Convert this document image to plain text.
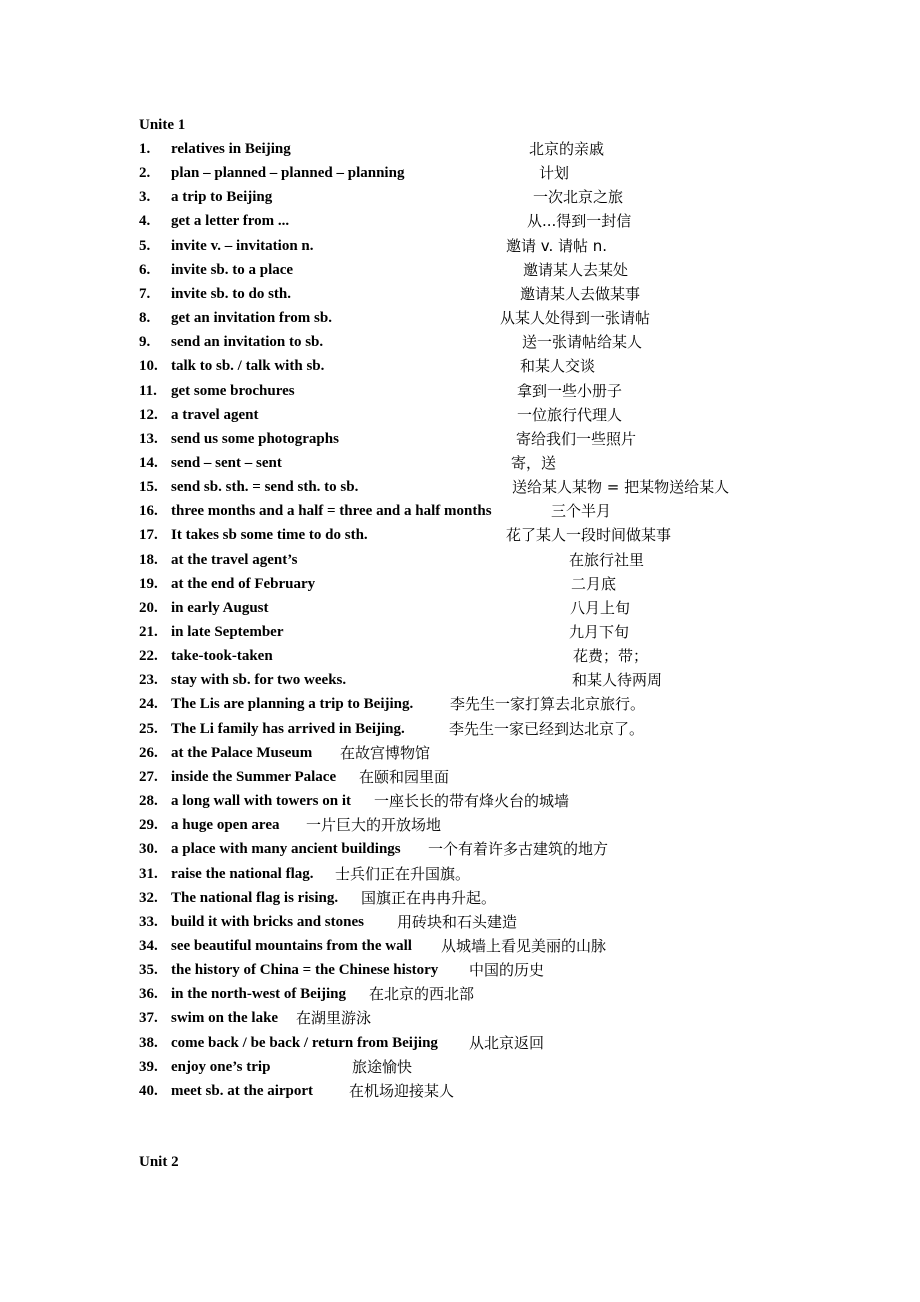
Unite 1
1. relatives in Beijing	北京的亲戚
2. plan – planned – planned – planning	计划
3. a trip to Beijing	一次北京之旅
4. get a letter from ...	从...得到一封信
5. invite v. – invitation n.	邀请 v. 请帖 n.
6. invite sb. to a place	邀请某人去某处
7. invite sb. to do sth.	邀请某人去做某事
8. get an invitation from sb.	从某人处得到一张请帖
9. send an invitation to sb.	送一张请帖给某人
10. talk to sb. / talk with sb.	和某人交谈
11. get some brochures	拿到一些小册子
12. a travel agent	一位旅行代理人
13. send us some photographs	寄给我们一些照片
14. send – sent – sent	寄，送
15. send sb. sth. = send sth. to sb.	送给某人某物 = 把某物送给某人
16. three months and a half = three and a half months	三个半月
17. It takes sb some time to do sth.	花了某人一段时间做某事
18. at the travel agent’s	在旅行社里
19. at the end of February	二月底
20. in early August	八月上旬
21. in late September	九月下旬
22. take-took-taken	花费；带；
23. stay with sb. for two weeks.	和某人待两周
24. The Lis are planning a trip to Beijing. 李先生一家打算去北京旅行。
25. The Li family has arrived in Beijing.	李先生一家已经到达北京了。
26. at the Palace Museum 在故宫博物馆
27. inside the Summer Palace 在颐和园里面
28. a long wall with towers on it 一座长长的带有烽火台的城墙
29. a huge open area 一片巨大的开放场地
30. a place with many ancient buildings 一个有着许多古建筑的地方
31. raise the national flag. 士兵们正在升国旗。
32. The national flag is rising. 国旗正在冉冉升起。
33. build it with bricks and stones 用砖块和石头建造
34. see beautiful mountains from the wall 从城墙上看见美丽的山脉
35. the history of China = the Chinese history 中国的历史
36. in the north-west of Beijing 在北京的西北部
37. swim on the lake 在湖里游泳
38. come back / be back / return from Beijing 从北京返回
39. enjoy one’s trip	旅途愉快
40. meet sb. at the airport 在机场迎接某人
Unit 2
